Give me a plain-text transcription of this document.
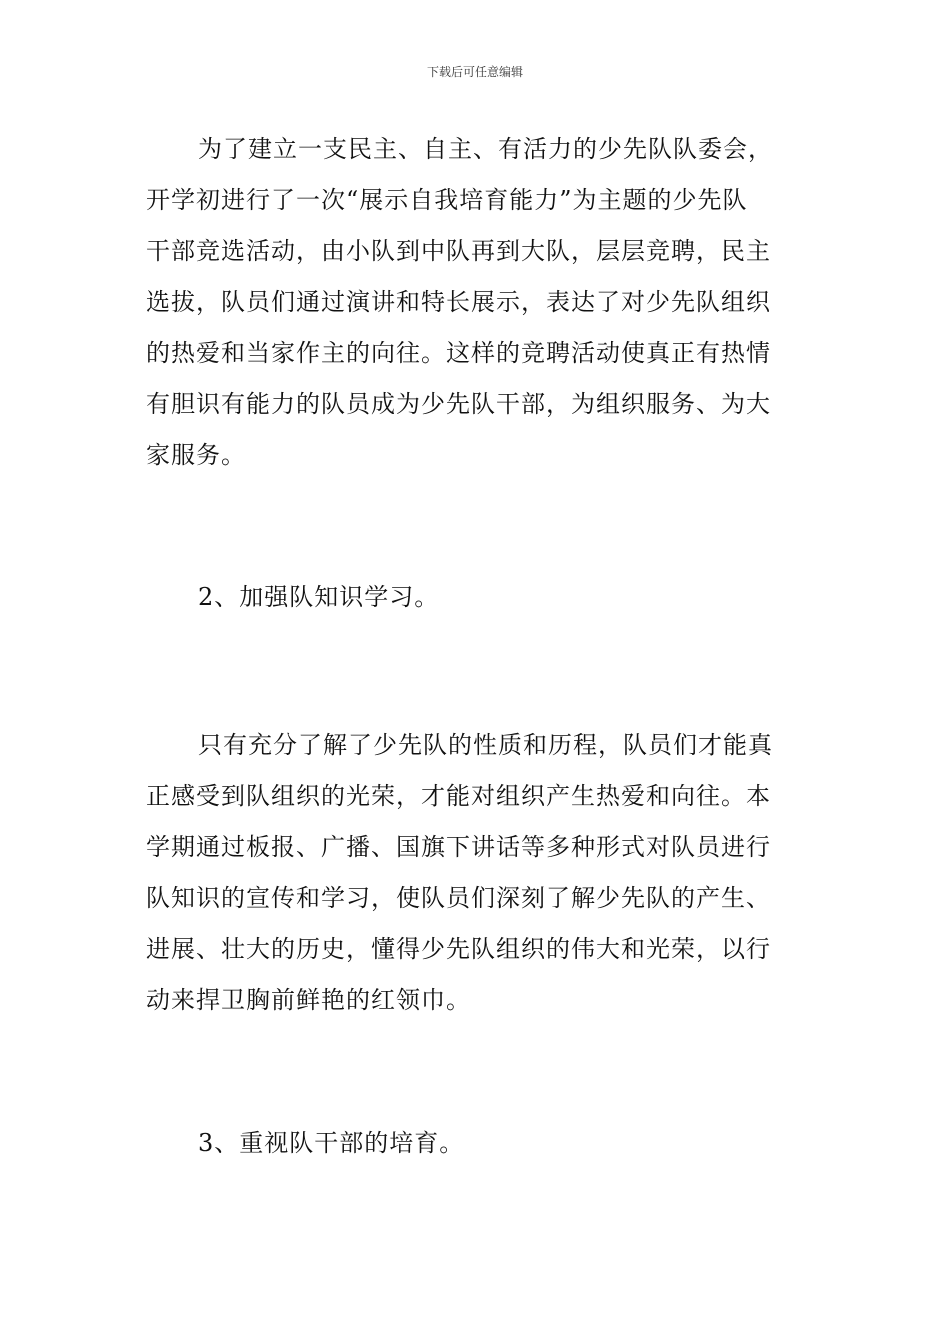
下载后可任意编辑
为了建立一支民主、自主、有活力的少先队队委会，
开学初进行了一次“展示自我培育能力”为主题的少先队
干部竞选活动，由小队到中队再到大队，层层竞聘，民主
选拔，队员们通过演讲和特长展示，表达了对少先队组织
的热爱和当家作主的向往。这样的竞聘活动使真正有热情
有胆识有能力的队员成为少先队干部，为组织服务、为大
家服务。
2、加强队知识学习。
只有充分了解了少先队的性质和历程，队员们才能真
正感受到队组织的光荣，才能对组织产生热爱和向往。本
学期通过板报、广播、国旗下讲话等多种形式对队员进行
队知识的宣传和学习，使队员们深刻了解少先队的产生、
进展、壮大的历史，懂得少先队组织的伟大和光荣，以行
动来捍卫胸前鲜艳的红领巾。
3、重视队干部的培育。
